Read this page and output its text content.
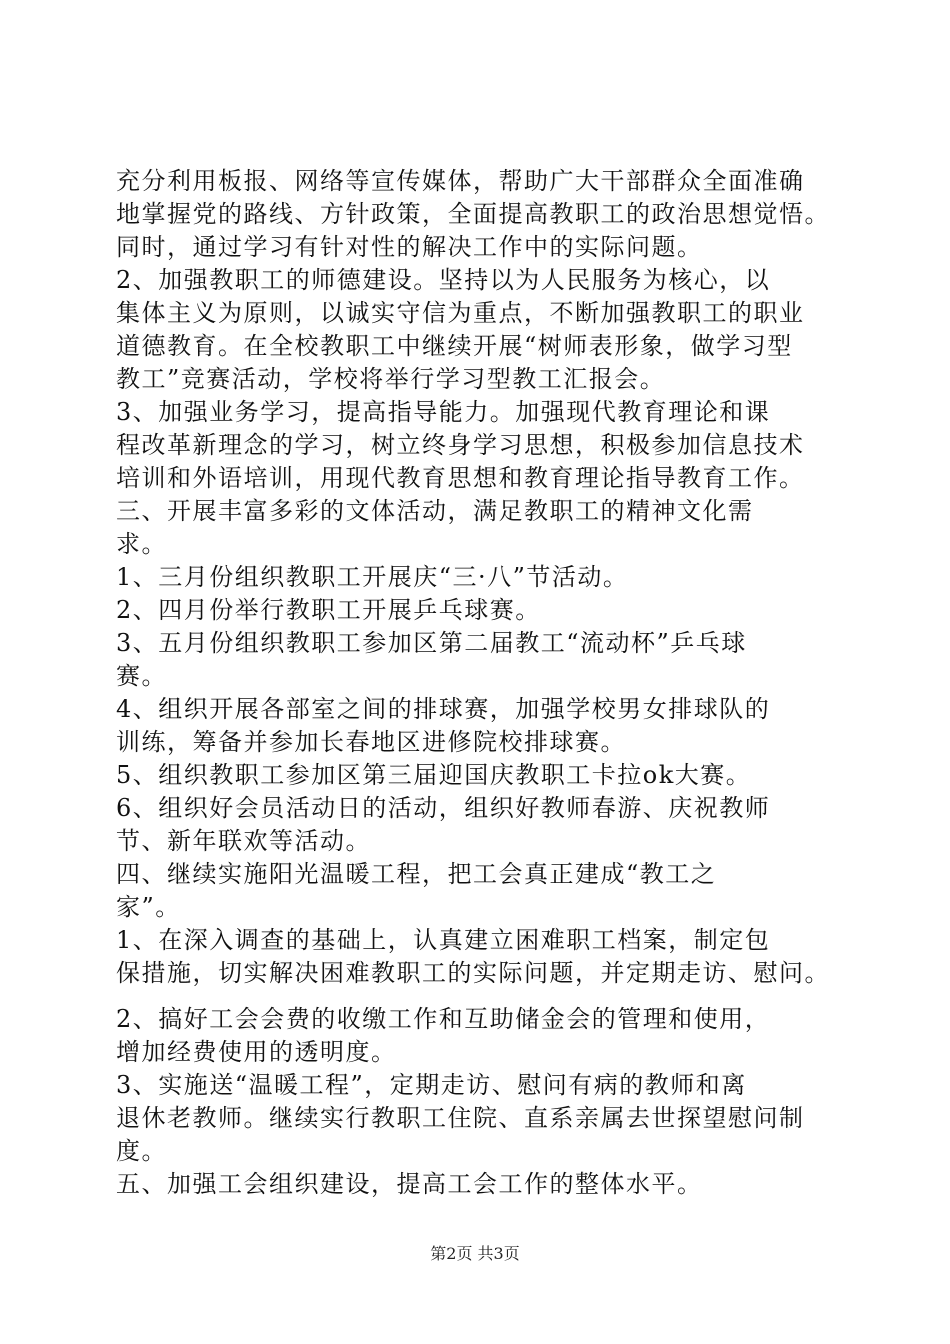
充分利用板报、网络等宣传媒体，帮助广大干部群众全面准确
地掌握党的路线、方针政策，全面提高教职工的政治思想觉悟。
同时，通过学习有针对性的解决工作中的实际问题。
2、加强教职工的师德建设。坚持以为人民服务为核心，以
集体主义为原则，以诚实守信为重点，不断加强教职工的职业
道德教育。在全校教职工中继续开展“树师表形象，做学习型
教工”竞赛活动，学校将举行学习型教工汇报会。
3、加强业务学习，提高指导能力。加强现代教育理论和课
程改革新理念的学习，树立终身学习思想，积极参加信息技术
培训和外语培训，用现代教育思想和教育理论指导教育工作。
三、开展丰富多彩的文体活动，满足教职工的精神文化需
求。
1、三月份组织教职工开展庆“三·八”节活动。
2、四月份举行教职工开展乒乓球赛。
3、五月份组织教职工参加区第二届教工“流动杯”乒乓球
赛。
4、组织开展各部室之间的排球赛，加强学校男女排球队的
训练，筹备并参加长春地区进修院校排球赛。
5、组织教职工参加区第三届迎国庆教职工卡拉ok大赛。
6、组织好会员活动日的活动，组织好教师春游、庆祝教师
节、新年联欢等活动。
四、继续实施阳光温暖工程，把工会真正建成“教工之
家”。
1、在深入调查的基础上，认真建立困难职工档案，制定包
保措施，切实解决困难教职工的实际问题，并定期走访、慰问。
2、搞好工会会费的收缴工作和互助储金会的管理和使用，
增加经费使用的透明度。
3、实施送“温暖工程”，定期走访、慰问有病的教师和离
退休老教师。继续实行教职工住院、直系亲属去世探望慰问制
度。
五、加强工会组织建设，提高工会工作的整体水平。
第2页 共3页
